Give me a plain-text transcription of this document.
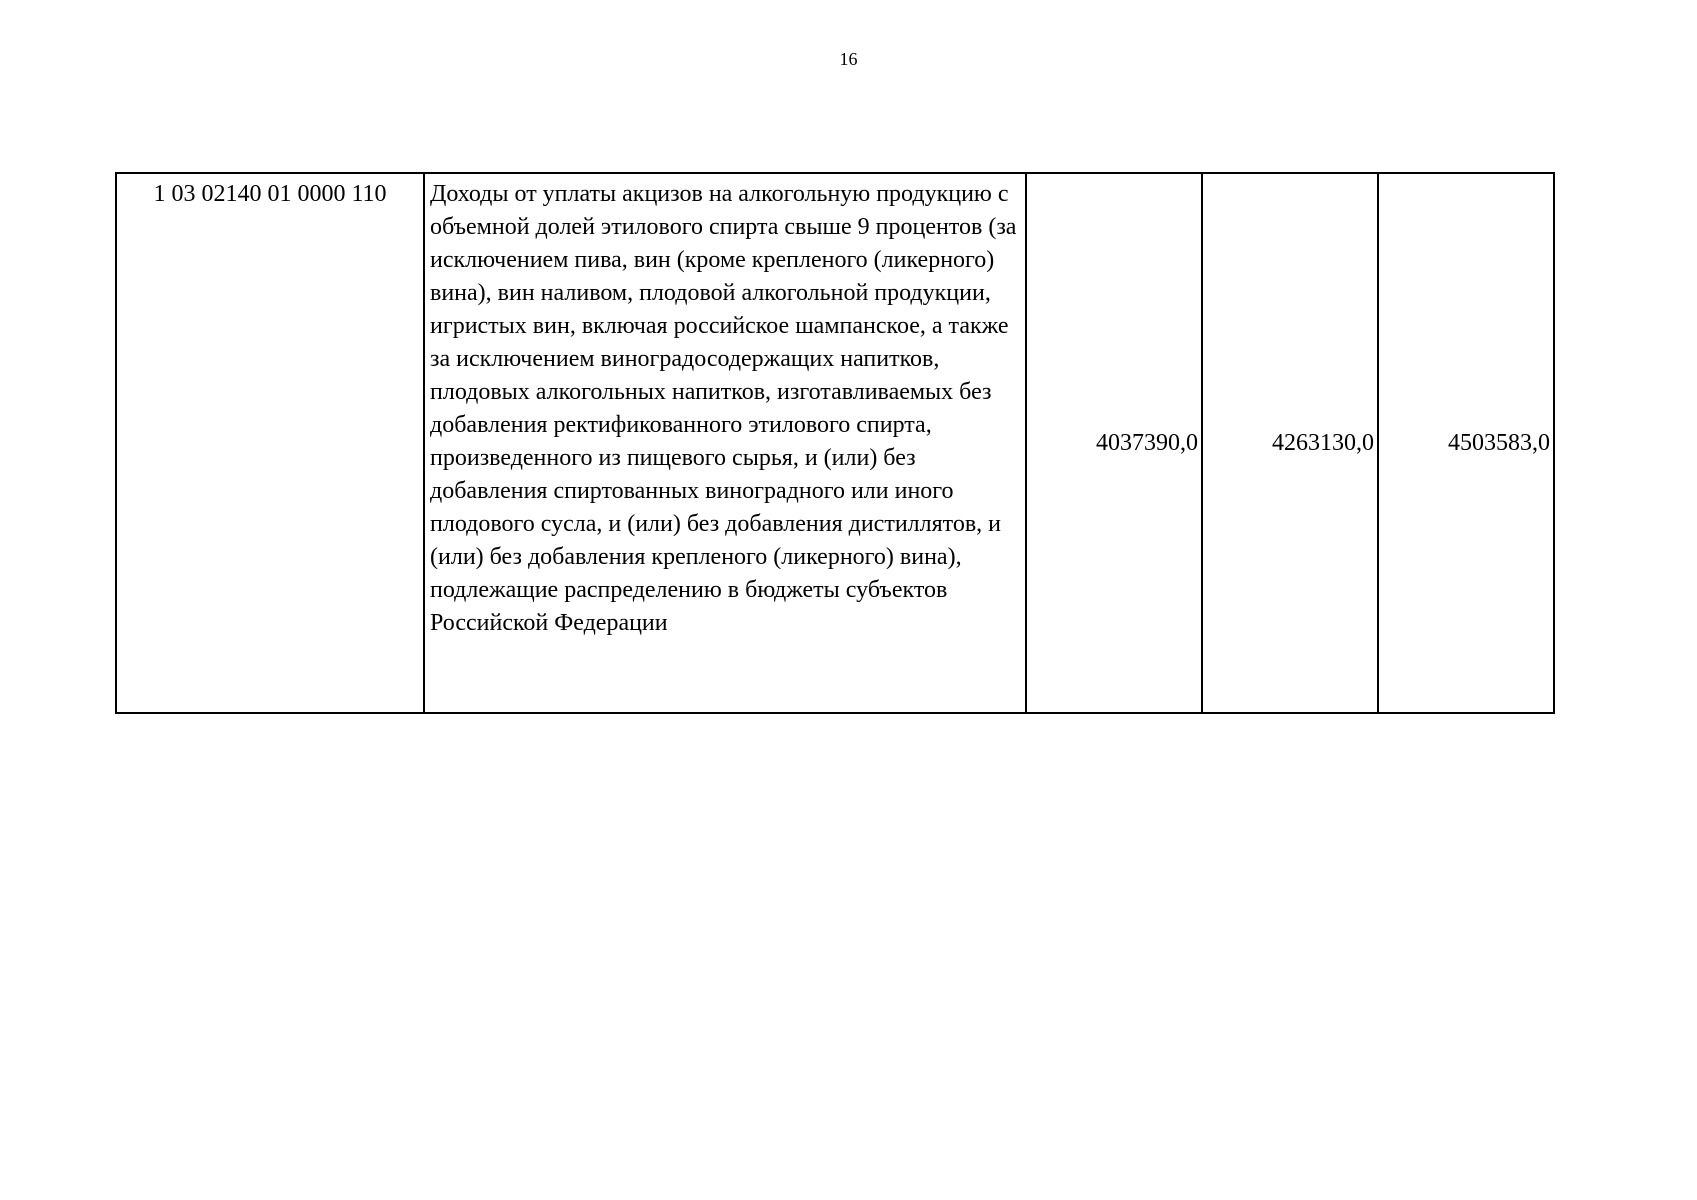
16
1 03 02140 01 0000 110	Доходы от уплаты акцизов на алкогольную продукцию с объемной долей этилового спирта свыше 9 процентов (за исключением пива, вин (кроме крепленого (ликерного) вина), вин наливом, плодовой алкогольной продукции, игристых вин, включая российское шампанское, а также за исключением виноградосодержащих напитков, плодовых алкогольных напитков, изготавливаемых без добавления ректификованного этилового спирта, произведенного из пищевого сырья, и (или) без добавления спиртованных виноградного или иного плодового сусла, и (или) без добавления дистиллятов, и (или) без добавления крепленого (ликерного) вина), подлежащие распределению в бюджеты субъектов Российской Федерации	4037390,0	4263130,0	4503583,0
